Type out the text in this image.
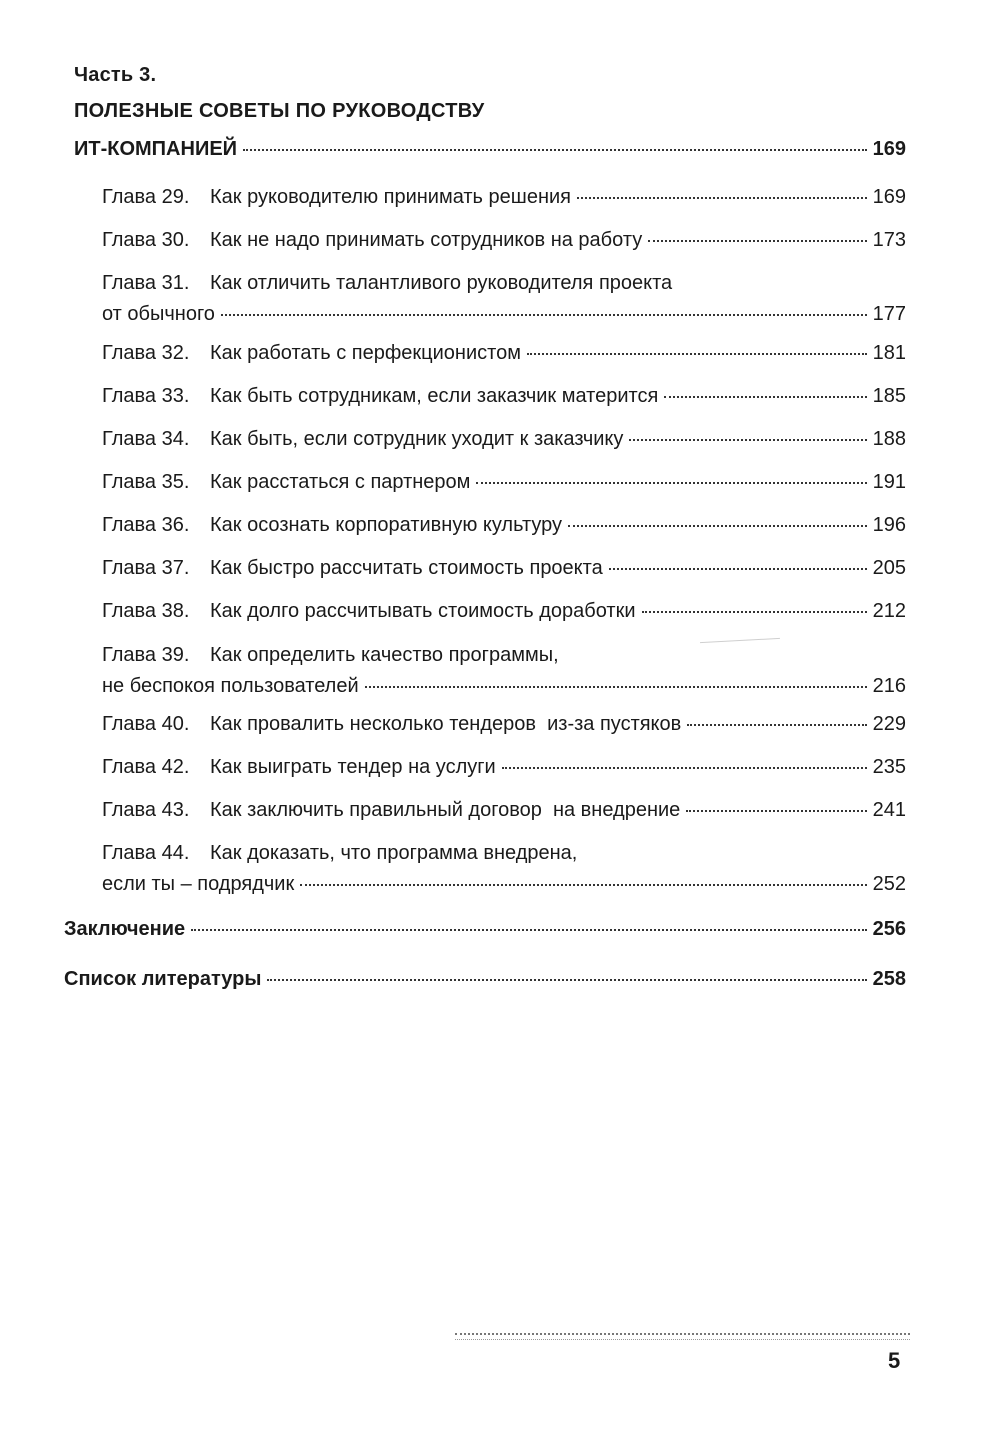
Часть 3.
ПОЛЕЗНЫЕ СОВЕТЫ ПО РУКОВОДСТВУ
ИТ-КОМПАНИЕЙ	169
Глава 29. Как руководителю принимать решения	169
Глава 30. Как не надо принимать сотрудников на работу	173
Глава 31. Как отличить талантливого руководителя проекта
от обычного	177
Глава 32. Как работать с перфекционистом	181
Глава 33. Как быть сотрудникам, если заказчик матерится	185
Глава 34. Как быть, если сотрудник уходит к заказчику	188
Глава 35. Как расстаться с партнером	191
Глава 36. Как осознать корпоративную культуру	196
Глава 37. Как быстро рассчитать стоимость проекта	205
Глава 38. Как долго рассчитывать стоимость доработки	212
Глава 39. Как определить качество программы,
не беспокоя пользователей	216
Глава 40. Как провалить несколько тендеров  из-за пустяков	229
Глава 42. Как выиграть тендер на услуги	235
Глава 43. Как заключить правильный договор  на внедрение	241
Глава 44. Как доказать, что программа внедрена,
если ты – подрядчик	252
Заключение	256
Список литературы	258
5
